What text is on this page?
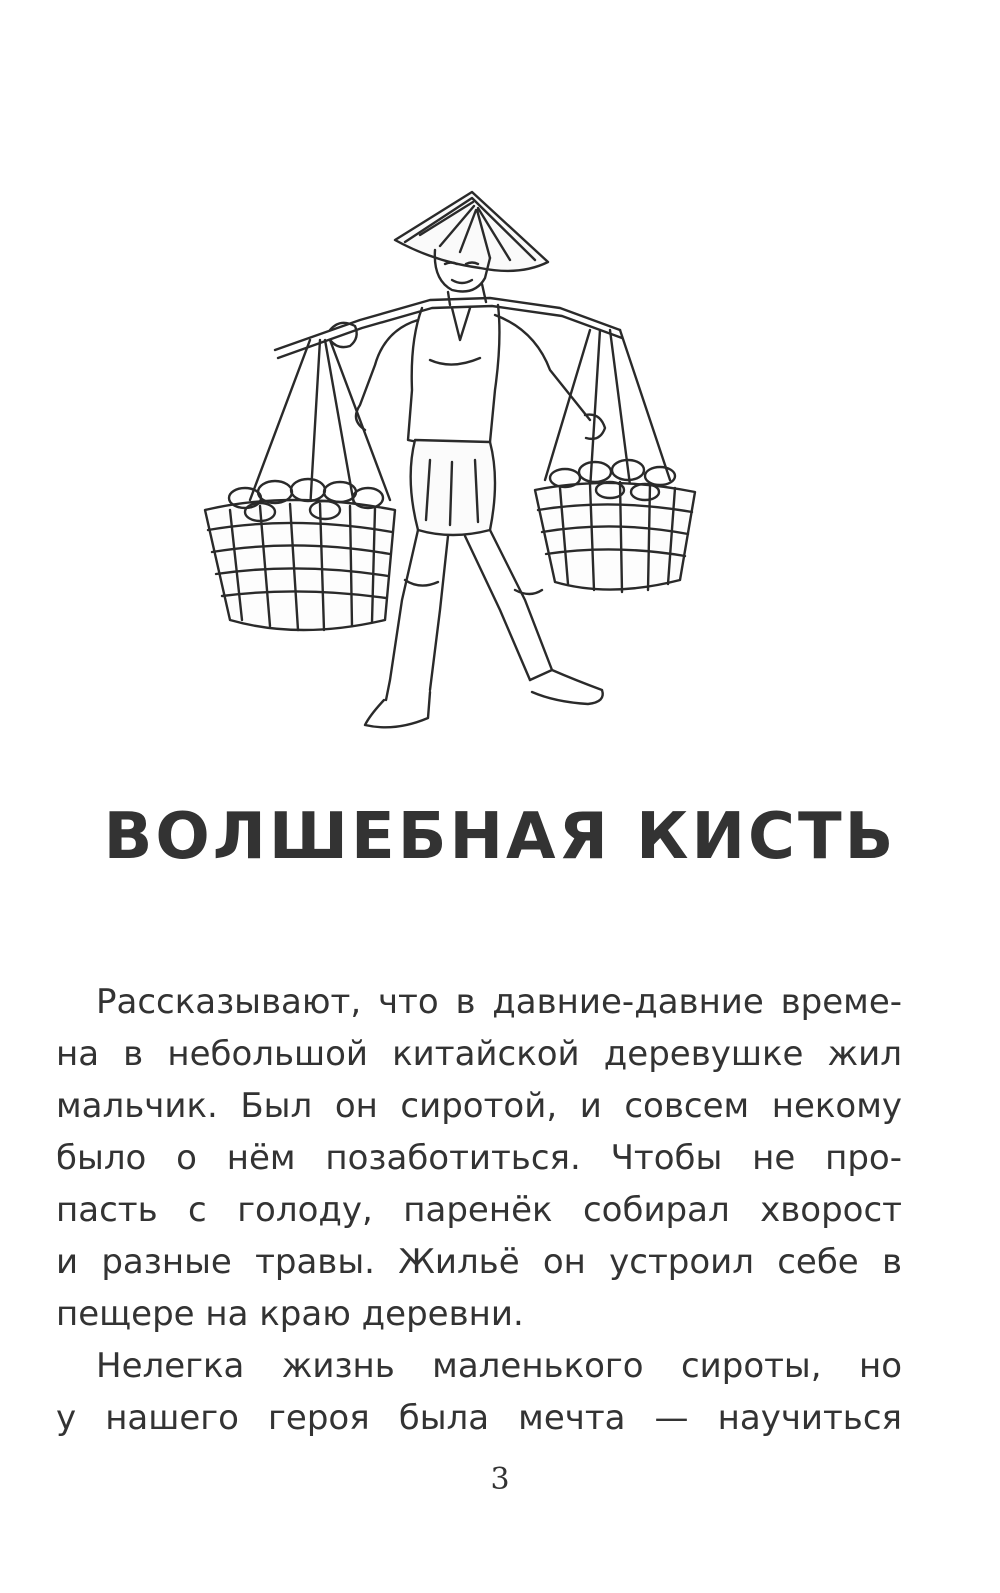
ВОЛШЕБНАЯ КИСТЬ

Рассказывают, что в давние-давние време-
на в небольшой китайской деревушке жил
мальчик. Был он сиротой, и совсем некому
было о нём позаботиться. Чтобы не про-
пасть с голоду, паренёк собирал хворост
и разные травы. Жильё он устроил себе в
пещере на краю деревни.

Нелегка жизнь маленького сироты, но
у нашего героя была мечта — научиться

3
